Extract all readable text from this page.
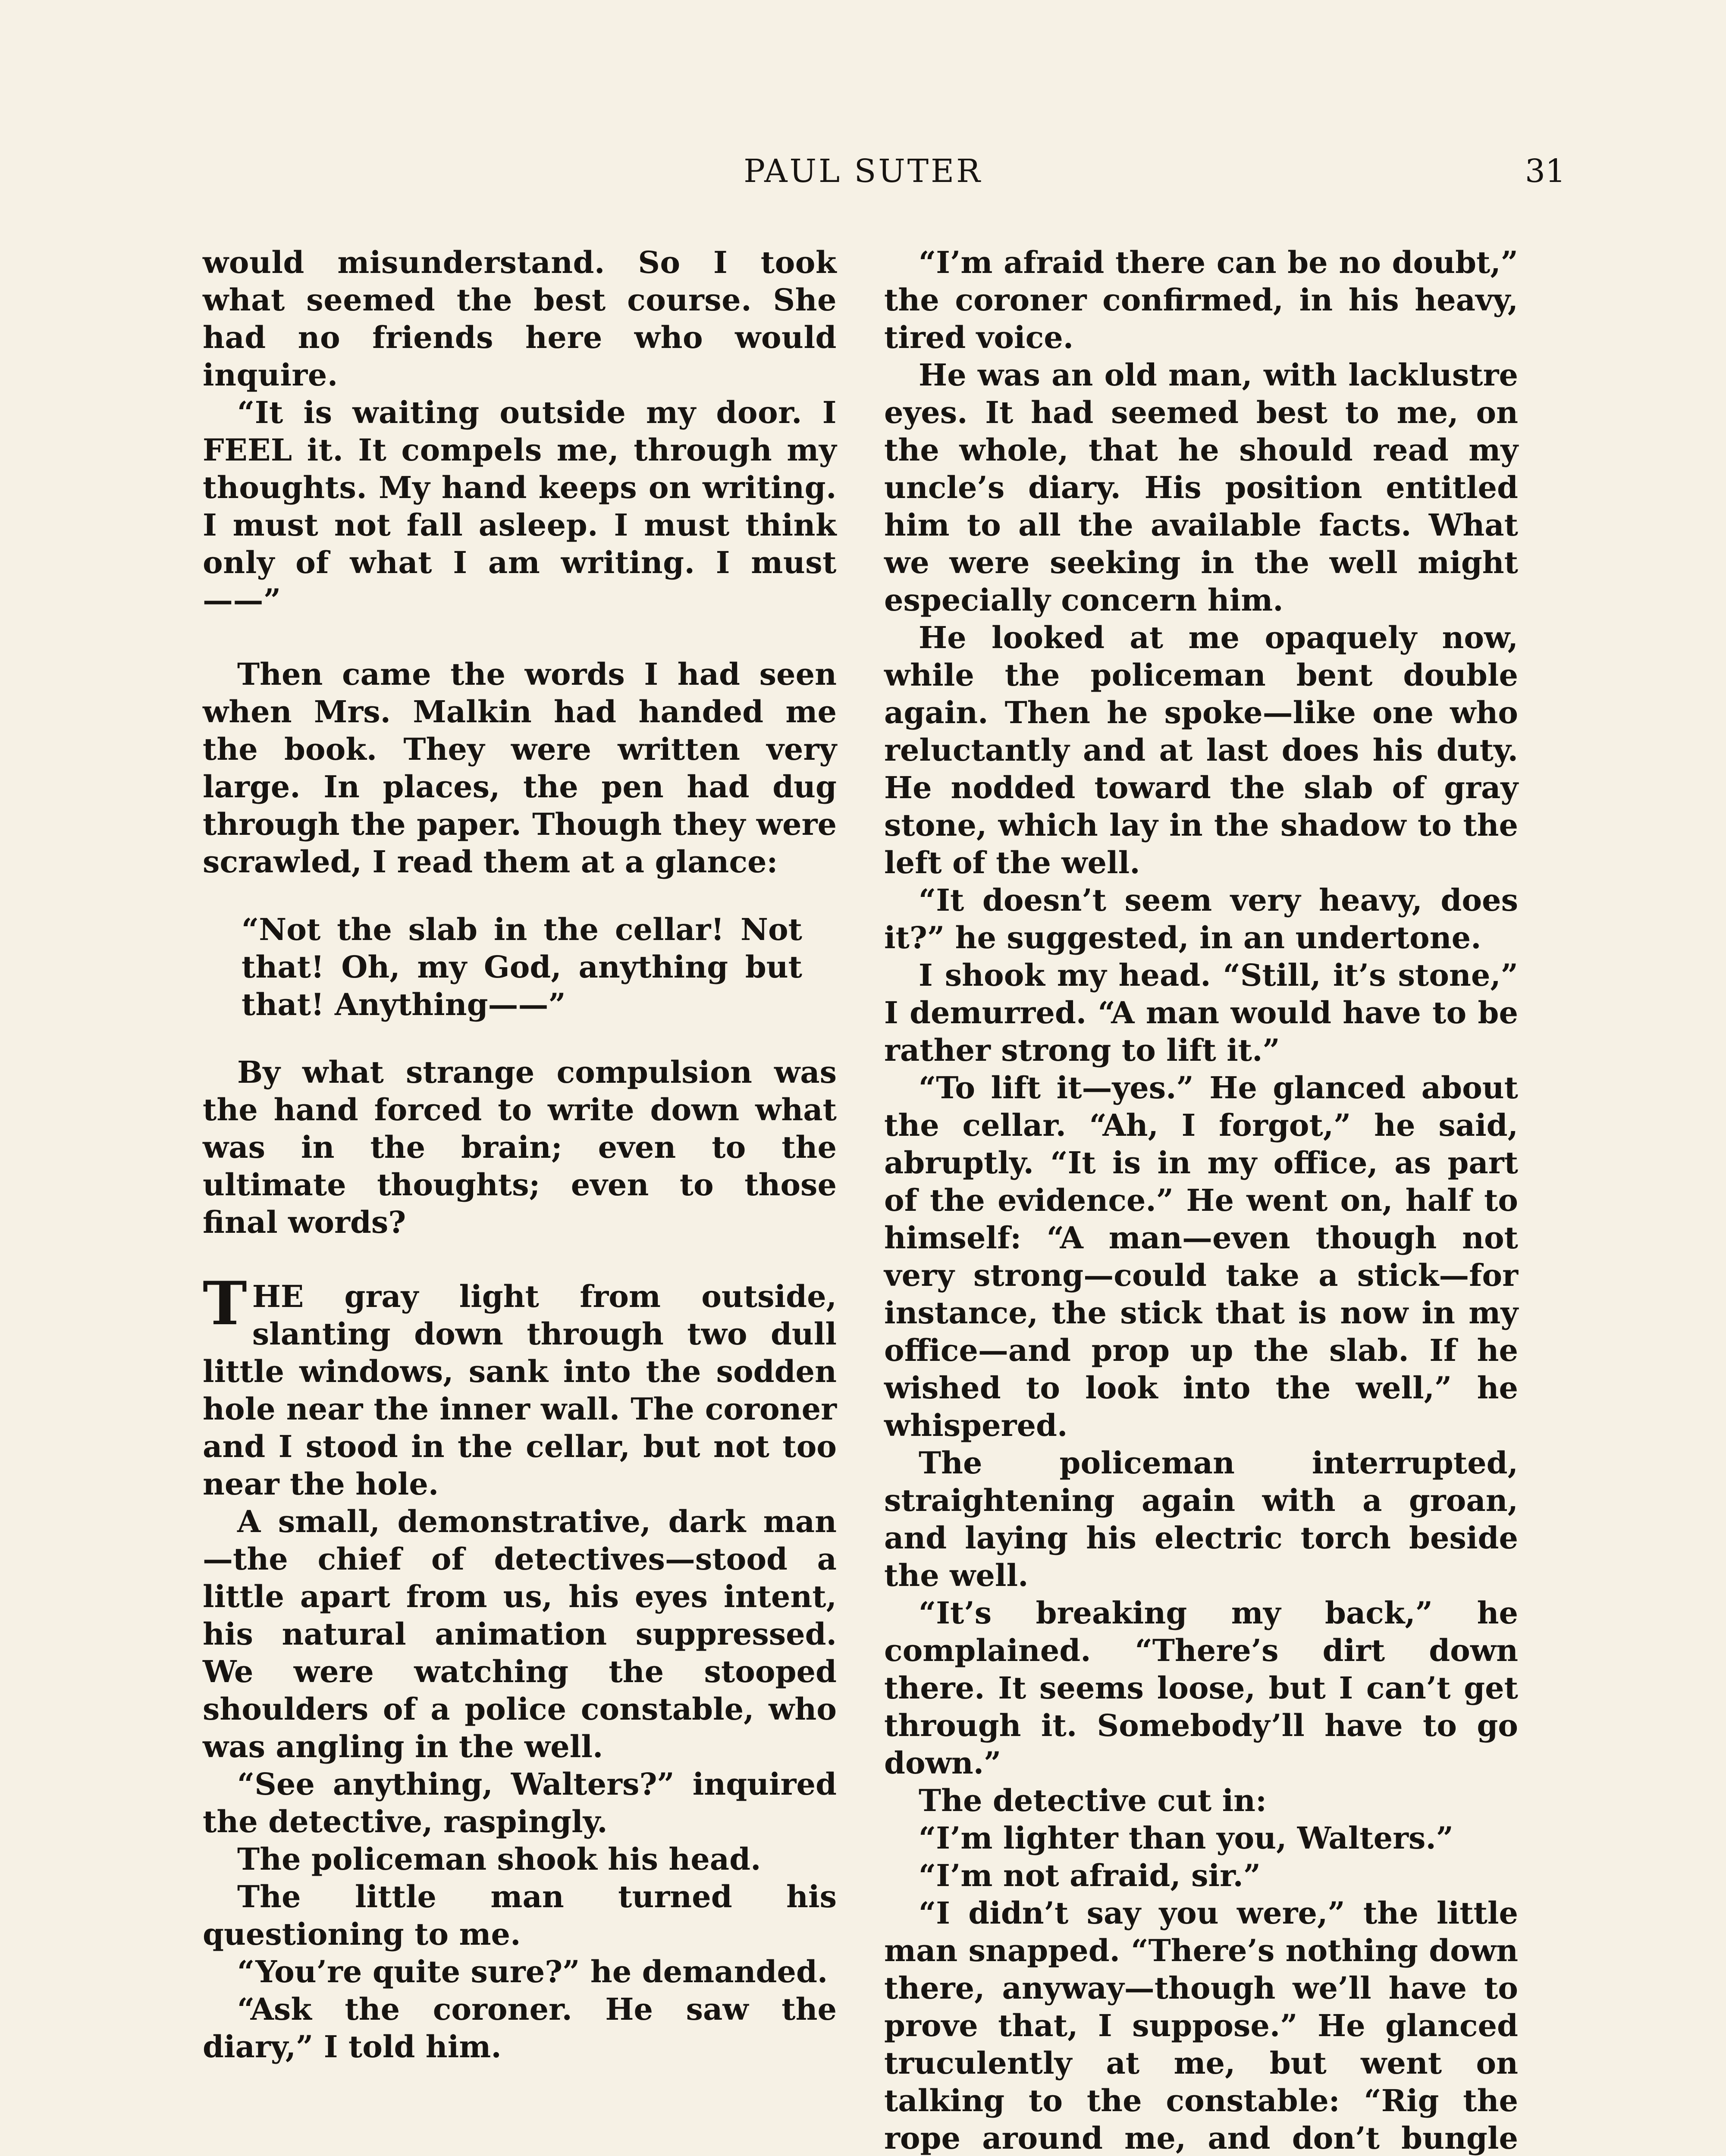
PAUL SUTER	31

would misunderstand. So I took what seemed the best course. She had no friends here who would inquire.

“It is waiting outside my door. I FEEL it. It compels me, through my thoughts. My hand keeps on writing. I must not fall asleep. I must think only of what I am writing. I must——”

Then came the words I had seen when Mrs. Malkin had handed me the book. They were written very large. In places, the pen had dug through the paper. Though they were scrawled, I read them at a glance:

“Not the slab in the cellar! Not that! Oh, my God, anything but that! Anything——”

By what strange compulsion was the hand forced to write down what was in the brain; even to the ultimate thoughts; even to those final words?

THE gray light from outside, slanting down through two dull little windows, sank into the sodden hole near the inner wall. The coroner and I stood in the cellar, but not too near the hole.

A small, demonstrative, dark man —the chief of detectives—stood a little apart from us, his eyes intent, his natural animation suppressed. We were watching the stooped shoulders of a police constable, who was angling in the well.

“See anything, Walters?” inquired the detective, raspingly.

The policeman shook his head.

The little man turned his questioning to me.

“You’re quite sure?” he demanded.

“Ask the coroner. He saw the diary,” I told him.

“I’m afraid there can be no doubt,” the coroner confirmed, in his heavy, tired voice.

He was an old man, with lacklustre eyes. It had seemed best to me, on the whole, that he should read my uncle’s diary. His position entitled him to all the available facts. What we were seeking in the well might especially concern him.

He looked at me opaquely now, while the policeman bent double again. Then he spoke—like one who reluctantly and at last does his duty. He nodded toward the slab of gray stone, which lay in the shadow to the left of the well.

“It doesn’t seem very heavy, does it?” he suggested, in an undertone.

I shook my head. “Still, it’s stone,” I demurred. “A man would have to be rather strong to lift it.”

“To lift it—yes.” He glanced about the cellar. “Ah, I forgot,” he said, abruptly. “It is in my office, as part of the evidence.” He went on, half to himself: “A man—even though not very strong—could take a stick—for instance, the stick that is now in my office—and prop up the slab. If he wished to look into the well,” he whispered.

The policeman interrupted, straightening again with a groan, and laying his electric torch beside the well.

“It’s breaking my back,” he complained. “There’s dirt down there. It seems loose, but I can’t get through it. Somebody’ll have to go down.”

The detective cut in:

“I’m lighter than you, Walters.”

“I’m not afraid, sir.”

“I didn’t say you were,” the little man snapped. “There’s nothing down there, anyway—though we’ll have to prove that, I suppose.” He glanced truculently at me, but went on talking to the constable: “Rig the rope around me, and don’t bungle
